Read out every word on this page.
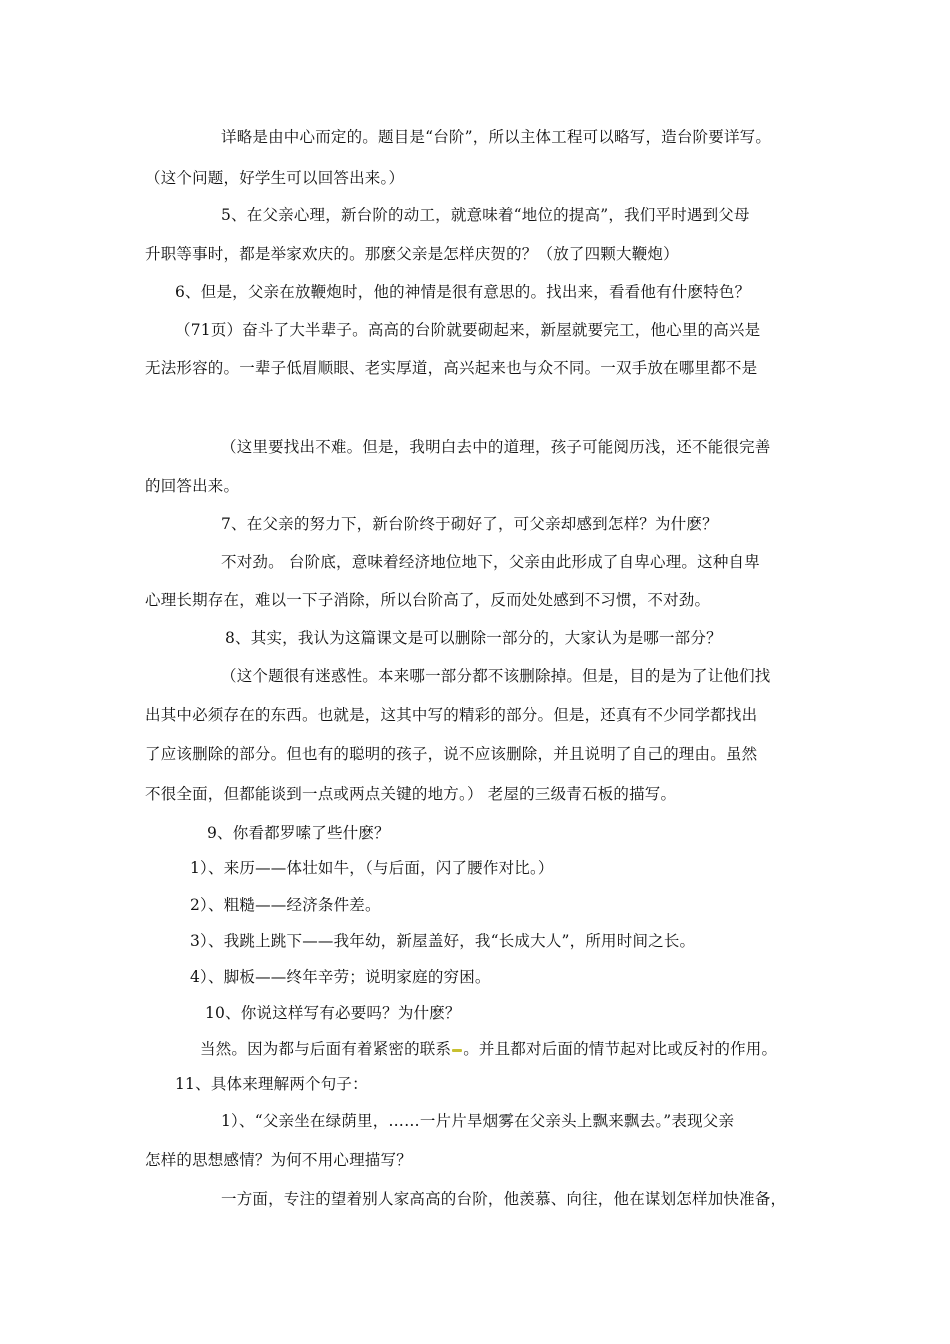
详略是由中心而定的。题目是“台阶”，所以主体工程可以略写，造台阶要详写。
（这个问题，好学生可以回答出来。）
5、在父亲心理，新台阶的动工，就意味着“地位的提高”，我们平时遇到父母
升职等事时，都是举家欢庆的。那麽父亲是怎样庆贺的？（放了四颗大鞭炮）
6、但是，父亲在放鞭炮时，他的神情是很有意思的。找出来，看看他有什麽特色？
（71页）奋斗了大半辈子。高高的台阶就要砌起来，新屋就要完工，他心里的高兴是
无法形容的。一辈子低眉顺眼、老实厚道，高兴起来也与众不同。一双手放在哪里都不是
（这里要找出不难。但是，我明白去中的道理，孩子可能阅历浅，还不能很完善
的回答出来。
7、在父亲的努力下，新台阶终于砌好了，可父亲却感到怎样？为什麽？
不对劲。 台阶底，意味着经济地位地下，父亲由此形成了自卑心理。这种自卑
心理长期存在，难以一下子消除，所以台阶高了，反而处处感到不习惯，不对劲。
8、其实，我认为这篇课文是可以删除一部分的，大家认为是哪一部分？
（这个题很有迷惑性。本来哪一部分都不该删除掉。但是，目的是为了让他们找
出其中必须存在的东西。也就是，这其中写的精彩的部分。但是，还真有不少同学都找出
了应该删除的部分。但也有的聪明的孩子，说不应该删除，并且说明了自己的理由。虽然
不很全面，但都能谈到一点或两点关键的地方。） 老屋的三级青石板的描写。
9、你看都罗嗦了些什麽？
1）、来历——体壮如牛，（与后面，闪了腰作对比。）
2）、粗糙——经济条件差。
3）、我跳上跳下——我年幼，新屋盖好，我“长成大人”，所用时间之长。
4）、脚板——终年辛劳；说明家庭的穷困。
10、你说这样写有必要吗？为什麽？
当然。因为都与后面有着紧密的联系 。并且都对后面的情节起对比或反衬的作用。
11、具体来理解两个句子：
1）、“父亲坐在绿荫里，……一片片旱烟雾在父亲头上飘来飘去。”表现父亲
怎样的思想感情？为何不用心理描写？
一方面，专注的望着别人家高高的台阶，他羡慕、向往，他在谋划怎样加快准备，
